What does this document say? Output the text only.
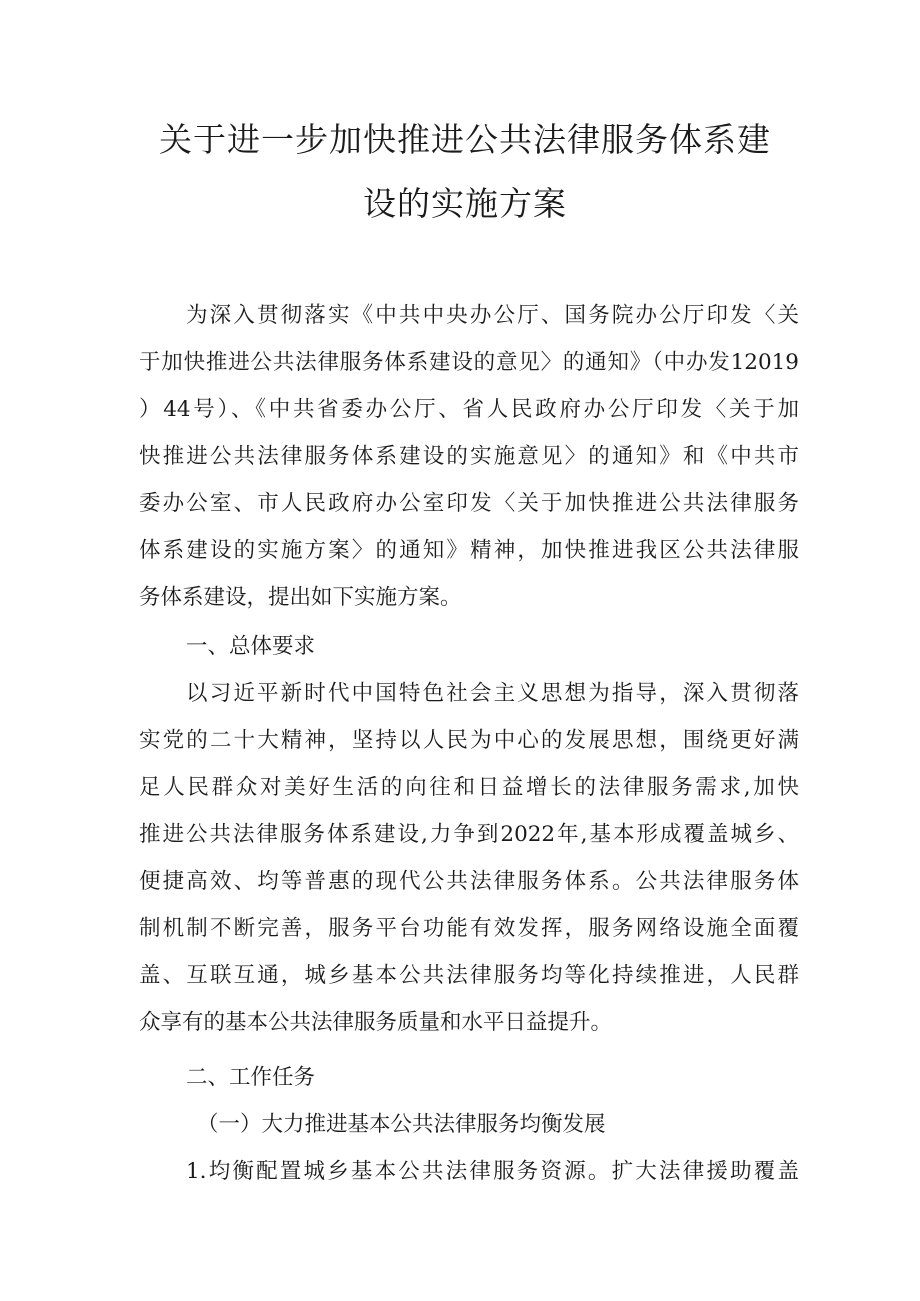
关于进一步加快推进公共法律服务体系建
设的实施方案
为深入贯彻落实《中共中央办公厅、国务院办公厅印发〈关
于加快推进公共法律服务体系建设的意见〉的通知》（中办发12019
）44号）、《中共省委办公厅、省人民政府办公厅印发〈关于加
快推进公共法律服务体系建设的实施意见〉的通知》和《中共市
委办公室、市人民政府办公室印发〈关于加快推进公共法律服务
体系建设的实施方案〉的通知》精神，加快推进我区公共法律服
务体系建设，提出如下实施方案。
一、总体要求
以习近平新时代中国特色社会主义思想为指导，深入贯彻落
实党的二十大精神，坚持以人民为中心的发展思想，围绕更好满
足人民群众对美好生活的向往和日益增长的法律服务需求,加快
推进公共法律服务体系建设,力争到2022年,基本形成覆盖城乡、
便捷高效、均等普惠的现代公共法律服务体系。公共法律服务体
制机制不断完善，服务平台功能有效发挥，服务网络设施全面覆
盖、互联互通，城乡基本公共法律服务均等化持续推进，人民群
众享有的基本公共法律服务质量和水平日益提升。
二、工作任务
（一）大力推进基本公共法律服务均衡发展
1.均衡配置城乡基本公共法律服务资源。扩大法律援助覆盖
